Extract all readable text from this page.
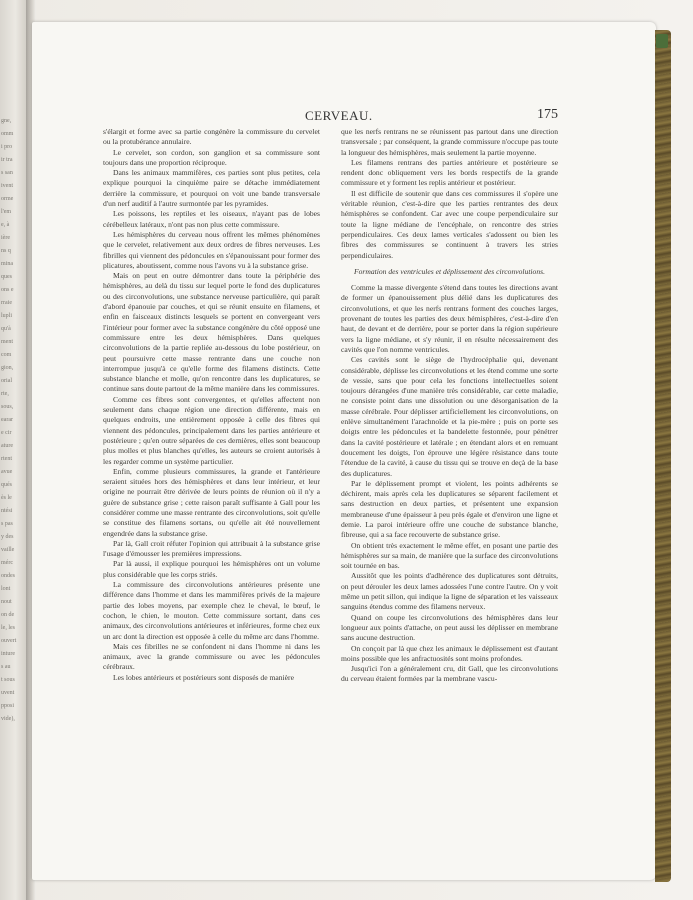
gne,
omm
i pro
ir tra
s san
ivent
orme
l'em
e, à
ière
ns q
mina
ques
ons e
rraie
lupli
qu'à
ment
com
gion,
orial
rte,
sous,
earar
e cir
ature
rtent
avue
qués
ès le
ntési
s pas
y des
vaille
mérc
ondes
lont
nout
on de
le, les
ouvert
inture
s au
t sous
uvent
pposi
vide),
CERVEAU.	175

s'élargit et forme avec sa partie congénère la commissure du cervelet ou la protubérance annulaire.

Le cervelet, son cordon, son ganglion et sa commissure sont toujours dans une proportion réciproque.

Dans les animaux mammifères, ces parties sont plus petites, cela explique pourquoi la cinquième paire se détache immédiatement derrière la commissure, et pourquoi on voit une bande transversale d'un nerf auditif à l'autre surmontée par les pyramides.

Les poissons, les reptiles et les oiseaux, n'ayant pas de lobes cérébelleux latéraux, n'ont pas non plus cette commissure.

Les hémisphères du cerveau nous offrent les mêmes phénomènes que le cervelet, relativement aux deux ordres de fibres nerveuses. Les fibrilles qui viennent des pédoncules en s'épanouissant pour former des plicatures, aboutissent, comme nous l'avons vu à la substance grise.

Mais on peut en outre démontrer dans toute la périphérie des hémisphères, au delà du tissu sur lequel porte le fond des duplicatures ou des circonvolutions, une substance nerveuse particulière, qui paraît d'abord épanouie par couches, et qui se réunit ensuite en filamens, et enfin en faisceaux distincts lesquels se portent en convergeant vers l'intérieur pour former avec la substance congénère du côté opposé une commissure entre les deux hémisphères. Dans quelques circonvolutions de la partie repliée au-dessous du lobe postérieur, on peut poursuivre cette masse rentrante dans une couche non interrompue jusqu'à ce qu'elle forme des filamens distincts. Cette substance blanche et molle, qu'on rencontre dans les duplicatures, se continue sans doute partout de la même manière dans les commissures.

Comme ces fibres sont convergentes, et qu'elles affectent non seulement dans chaque région une direction différente, mais en quelques endroits, une entièrement opposée à celle des fibres qui viennent des pédoncules, principalement dans les parties antérieure et postérieure ; qu'en outre séparées de ces dernières, elles sont beaucoup plus molles et plus blanches qu'elles, les auteurs se croient autorisés à les regarder comme un système particulier.

Enfin, comme plusieurs commissures, la grande et l'antérieure seraient situées hors des hémisphères et dans leur intérieur, et leur origine ne pourrait être dérivée de leurs points de réunion où il n'y a guère de substance grise ; cette raison paraît suffisante à Gall pour les considérer comme une masse rentrante des circonvolutions, soit qu'elle se constitue des filamens sortans, ou qu'elle ait été nouvellement engendrée dans la substance grise.

Par là, Gall croit réfuter l'opinion qui attribuait à la substance grise l'usage d'émousser les premières impressions.

Par là aussi, il explique pourquoi les hémisphères ont un volume plus considérable que les corps striés.

La commissure des circonvolutions antérieures présente une différence dans l'homme et dans les mammifères privés de la majeure partie des lobes moyens, par exemple chez le cheval, le bœuf, le cochon, le chien, le mouton. Cette commissure sortant, dans ces animaux, des circonvolutions antérieures et inférieures, forme chez eux un arc dont la direction est opposée à celle du même arc dans l'homme.

Mais ces fibrilles ne se confondent ni dans l'homme ni dans les animaux, avec la grande commissure ou avec les pédoncules cérébraux.

Les lobes antérieurs et postérieurs sont disposés de manière

que les nerfs rentrans ne se réunissent pas partout dans une direction transversale ; par conséquent, la grande commissure n'occupe pas toute la longueur des hémisphères, mais seulement la partie moyenne.

Les filamens rentrans des parties antérieure et postérieure se rendent donc obliquement vers les bords respectifs de la grande commissure et y forment les replis antérieur et postérieur.

Il est difficile de soutenir que dans ces commissures il s'opère une véritable réunion, c'est-à-dire que les parties rentrantes des deux hémisphères se confondent. Car avec une coupe perpendiculaire sur toute la ligne médiane de l'encéphale, on rencontre des stries perpendiculaires. Ces deux lames verticales s'adossent ou bien les fibres des commissures se continuent à travers les stries perpendiculaires.

Formation des ventricules et déplissement des circonvolutions.

Comme la masse divergente s'étend dans toutes les directions avant de former un épanouissement plus délié dans les duplicatures des circonvolutions, et que les nerfs rentrans forment des couches larges, provenant de toutes les parties des deux hémisphères, c'est-à-dire d'en haut, de devant et de derrière, pour se porter dans la région supérieure vers la ligne médiane, et s'y réunir, il en résulte nécessairement des cavités que l'on nomme ventricules.

Ces cavités sont le siège de l'hydrocéphalie qui, devenant considérable, déplisse les circonvolutions et les étend comme une sorte de vessie, sans que pour cela les fonctions intellectuelles soient toujours dérangées d'une manière très considérable, car cette maladie, ne consiste point dans une dissolution ou une désorganisation de la masse cérébrale. Pour déplisser artificiellement les circonvolutions, on enlève simultanément l'arachnoïde et la pie-mère ; puis on porte ses doigts entre les pédoncules et la bandelette festonnée, pour pénétrer dans la cavité postérieure et latérale ; en étendant alors et en remuant doucement les doigts, l'on éprouve une légère résistance dans toute l'étendue de la cavité, à cause du tissu qui se trouve en deçà de la base des duplicatures.

Par le déplissement prompt et violent, les points adhérents se déchirent, mais après cela les duplicatures se séparent facilement et sans destruction en deux parties, et présentent une expansion membraneuse d'une épaisseur à peu près égale et d'environ une ligne et demie. La paroi intérieure offre une couche de substance blanche, fibreuse, qui a sa face recouverte de substance grise.

On obtient très exactement le même effet, en posant une partie des hémisphères sur sa main, de manière que la surface des circonvolutions soit tournée en bas.

Aussitôt que les points d'adhérence des duplicatures sont détruits, on peut dérouler les deux lames adossées l'une contre l'autre. On y voit même un petit sillon, qui indique la ligne de séparation et les vaisseaux sanguins étendus comme des filamens nerveux.

Quand on coupe les circonvolutions des hémisphères dans leur longueur aux points d'attache, on peut aussi les déplisser en membrane sans aucune destruction.

On conçoit par là que chez les animaux le déplissement est d'autant moins possible que les anfractuosités sont moins profondes.

Jusqu'ici l'on a généralement cru, dit Gall, que les circonvolutions du cerveau étaient formées par la membrane vascu-
